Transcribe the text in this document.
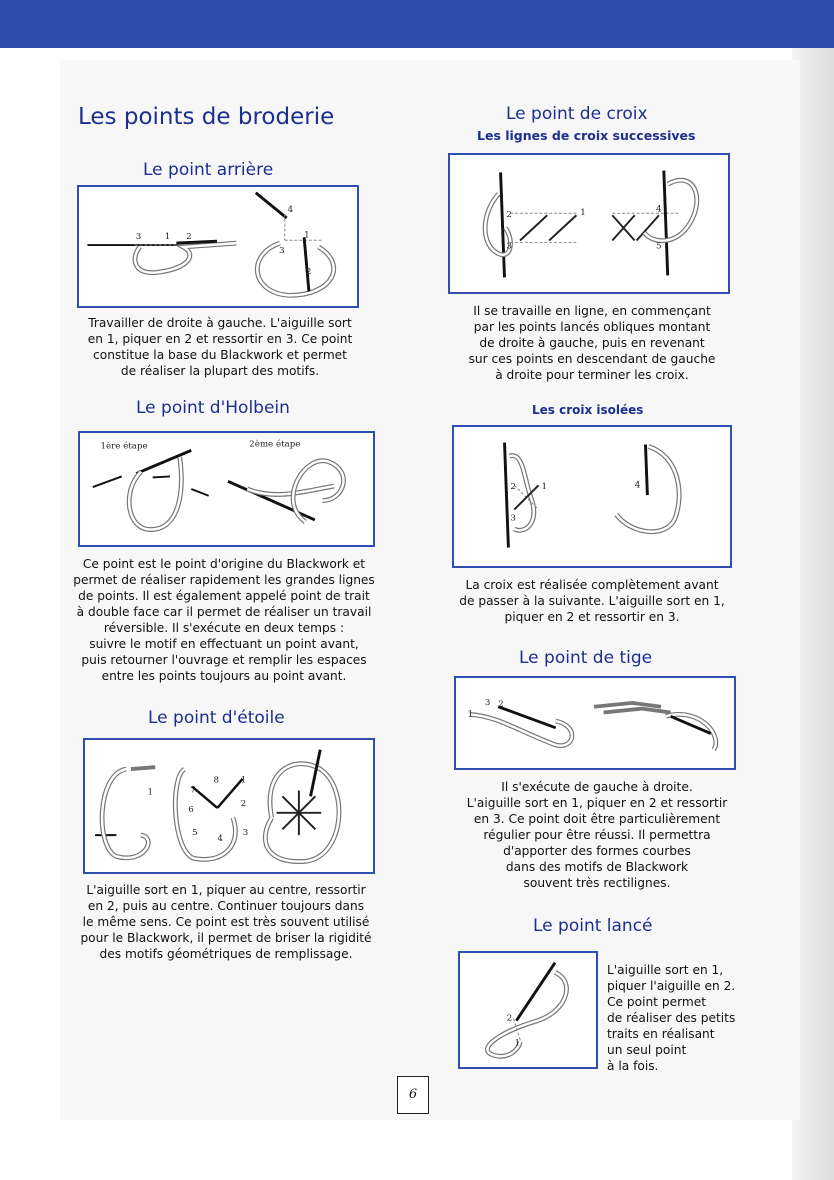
Les points de broderie
Le point arrière
3	1 2
4
1
3
2
Travailler de droite à gauche. L'aiguille sort
en 1, piquer en 2 et ressortir en 3. Ce point
constitue la base du Blackwork et permet
de réaliser la plupart des motifs.
Le point d'Holbein
1ère étape	2ème étape
Ce point est le point d'origine du Blackwork et
permet de réaliser rapidement les grandes lignes
de points. Il est également appelé point de trait
à double face car il permet de réaliser un travail
réversible. Il s'exécute en deux temps :
suivre le motif en effectuant un point avant,
puis retourner l'ouvrage et remplir les espaces
entre les points toujours au point avant.
Le point d'étoile
1	7
6
8 1
2
3
4
5
L'aiguille sort en 1, piquer au centre, ressortir
en 2, puis au centre. Continuer toujours dans
le même sens. Ce point est très souvent utilisé
pour le Blackwork, il permet de briser la rigidité
des motifs géométriques de remplissage.
Le point de croix
Les lignes de croix successives
2
3
1	4
5
Il se travaille en ligne, en commençant
par les points lancés obliques montant
de droite à gauche, puis en revenant
sur ces points en descendant de gauche
à droite pour terminer les croix.
Les croix isolées
2
3
1	4
La croix est réalisée complètement avant
de passer à la suivante. L'aiguille sort en 1,
piquer en 2 et ressortir en 3.
Le point de tige
3
1
2
Il s'exécute de gauche à droite.
L'aiguille sort en 1, piquer en 2 et ressortir
en 3. Ce point doit être particulièrement
régulier pour être réussi. Il permettra
d'apporter des formes courbes
dans des motifs de Blackwork
souvent très rectilignes.
Le point lancé
2
1
L'aiguille sort en 1,
piquer l'aiguille en 2.
Ce point permet
de réaliser des petits
traits en réalisant
un seul point
à la fois.
6
